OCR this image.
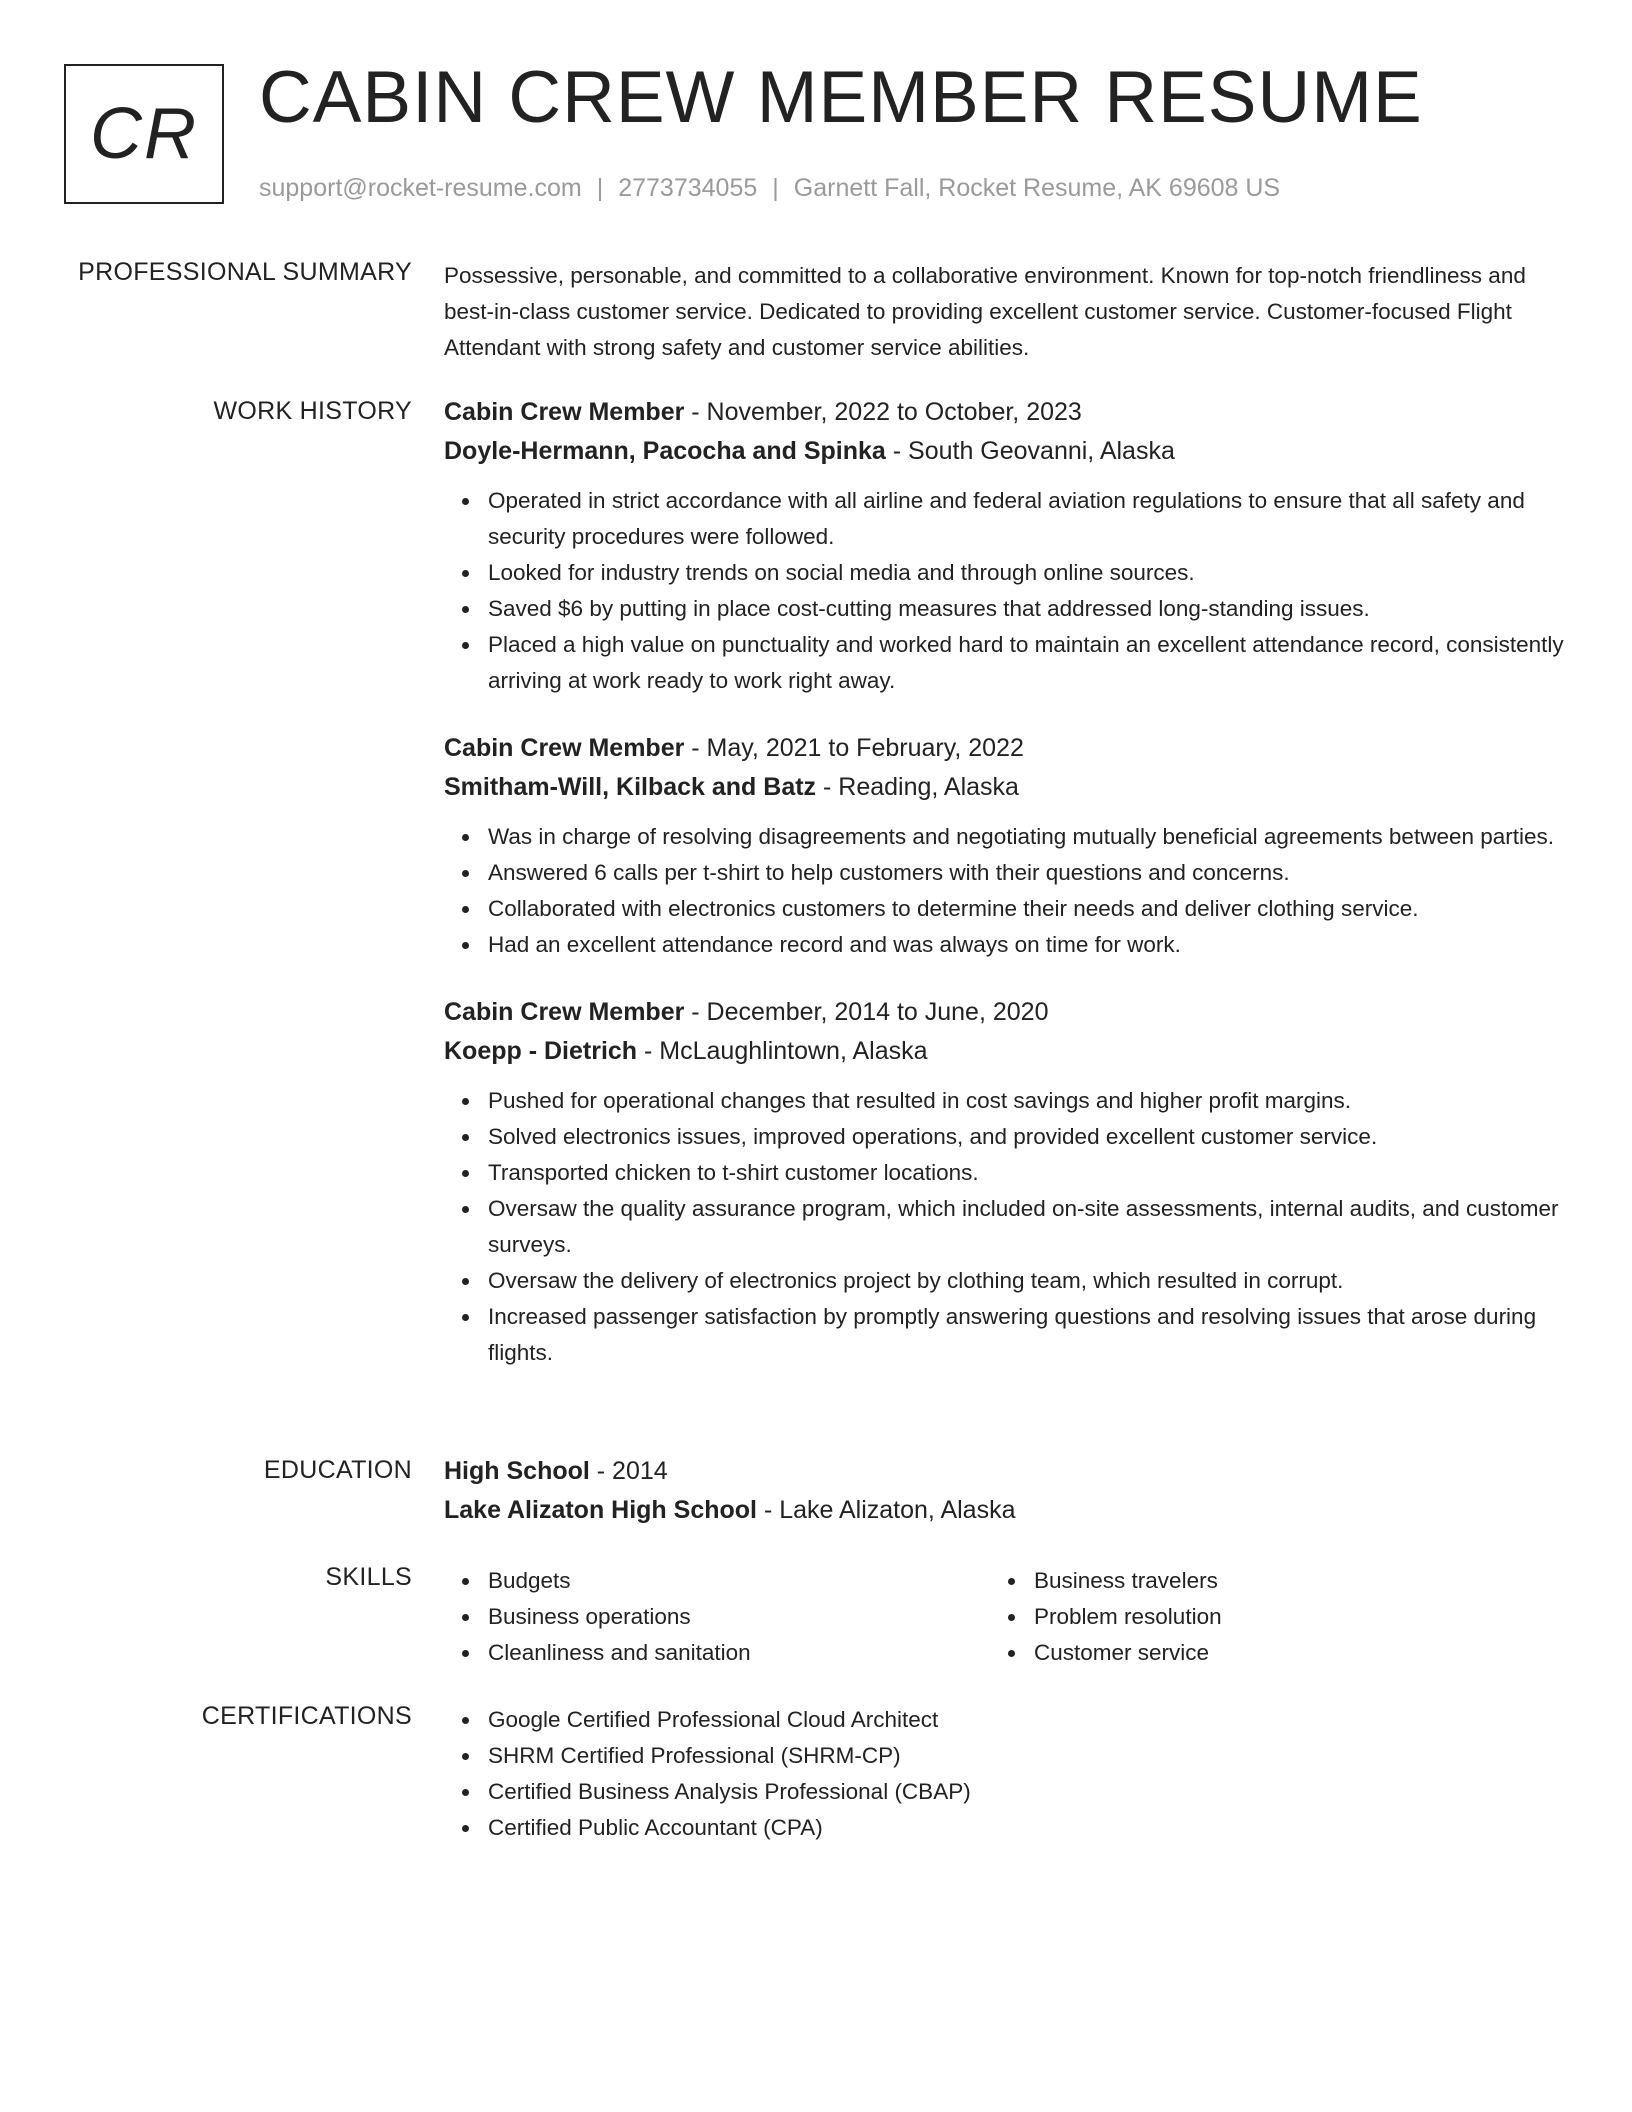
CR CABIN CREW MEMBER RESUME
support@rocket-resume.com | 2773734055 | Garnett Fall, Rocket Resume, AK 69608 US
PROFESSIONAL SUMMARY Possessive, personable, and committed to a collaborative environment. Known for top-notch friendliness and best-in-class customer service. Dedicated to providing excellent customer service. Customer-focused Flight Attendant with strong safety and customer service abilities.

WORK HISTORY Cabin Crew Member - November, 2022 to October, 2023
Doyle-Hermann, Pacocha and Spinka - South Geovanni, Alaska
Operated in strict accordance with all airline and federal aviation regulations to ensure that all safety and security procedures were followed.
Looked for industry trends on social media and through online sources.
Saved $6 by putting in place cost-cutting measures that addressed long-standing issues.
Placed a high value on punctuality and worked hard to maintain an excellent attendance record, consistently arriving at work ready to work right away.
Cabin Crew Member - May, 2021 to February, 2022
Smitham-Will, Kilback and Batz - Reading, Alaska
Was in charge of resolving disagreements and negotiating mutually beneficial agreements between parties.
Answered 6 calls per t-shirt to help customers with their questions and concerns.
Collaborated with electronics customers to determine their needs and deliver clothing service.
Had an excellent attendance record and was always on time for work.
Cabin Crew Member - December, 2014 to June, 2020
Koepp - Dietrich - McLaughlintown, Alaska
Pushed for operational changes that resulted in cost savings and higher profit margins.
Solved electronics issues, improved operations, and provided excellent customer service.
Transported chicken to t-shirt customer locations.
Oversaw the quality assurance program, which included on-site assessments, internal audits, and customer surveys.
Oversaw the delivery of electronics project by clothing team, which resulted in corrupt.
Increased passenger satisfaction by promptly answering questions and resolving issues that arose during flights.
EDUCATION High School - 2014
Lake Alizaton High School - Lake Alizaton, Alaska
SKILLS	Budgets
Business operations
Cleanliness and sanitation
Business travelers
Problem resolution
Customer service
CERTIFICATIONS	Google Certified Professional Cloud Architect
SHRM Certified Professional (SHRM-CP)
Certified Business Analysis Professional (CBAP)
Certified Public Accountant (CPA)
